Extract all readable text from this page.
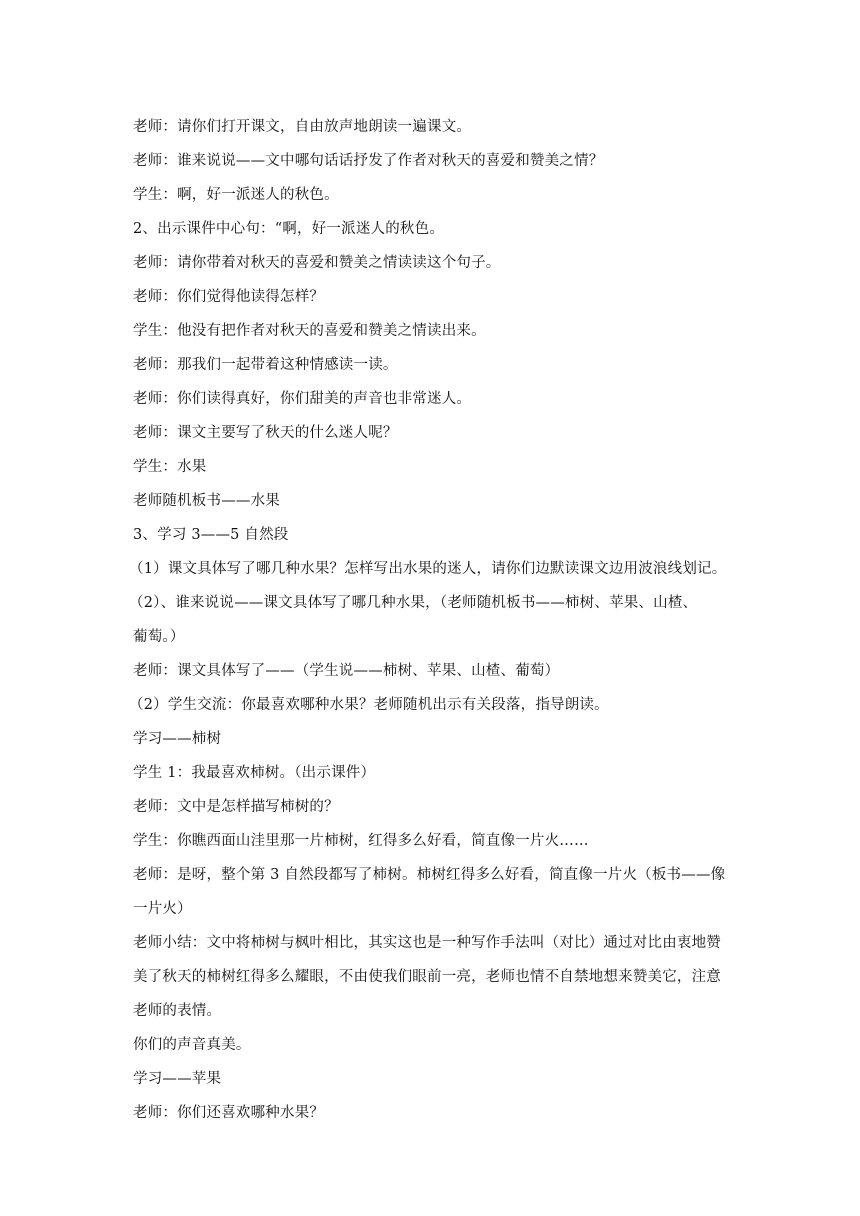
老师：请你们打开课文，自由放声地朗读一遍课文。
老师：谁来说说——文中哪句话话抒发了作者对秋天的喜爱和赞美之情？
学生：啊，好一派迷人的秋色。
2、出示课件中心句：“啊，好一派迷人的秋色。
老师：请你带着对秋天的喜爱和赞美之情读读这个句子。
老师：你们觉得他读得怎样？
学生：他没有把作者对秋天的喜爱和赞美之情读出来。
老师：那我们一起带着这种情感读一读。
老师：你们读得真好，你们甜美的声音也非常迷人。
老师：课文主要写了秋天的什么迷人呢？
学生：水果
老师随机板书——水果
3、学习 3——5 自然段
（1）课文具体写了哪几种水果？怎样写出水果的迷人，请你们边默读课文边用波浪线划记。
（2）、谁来说说——课文具体写了哪几种水果，（老师随机板书——柿树、苹果、山楂、
葡萄。）
老师：课文具体写了——（学生说——柿树、苹果、山楂、葡萄）
（2）学生交流：你最喜欢哪种水果？老师随机出示有关段落，指导朗读。
学习——柿树
学生 1：我最喜欢柿树。（出示课件）
老师：文中是怎样描写柿树的？
学生：你瞧西面山洼里那一片柿树，红得多么好看，简直像一片火……
老师：是呀，整个第 3 自然段都写了柿树。柿树红得多么好看，简直像一片火（板书——像
一片火）
老师小结：文中将柿树与枫叶相比，其实这也是一种写作手法叫（对比）通过对比由衷地赞
美了秋天的柿树红得多么耀眼，不由使我们眼前一亮，老师也情不自禁地想来赞美它，注意
老师的表情。
你们的声音真美。
学习——苹果
老师：你们还喜欢哪种水果？
